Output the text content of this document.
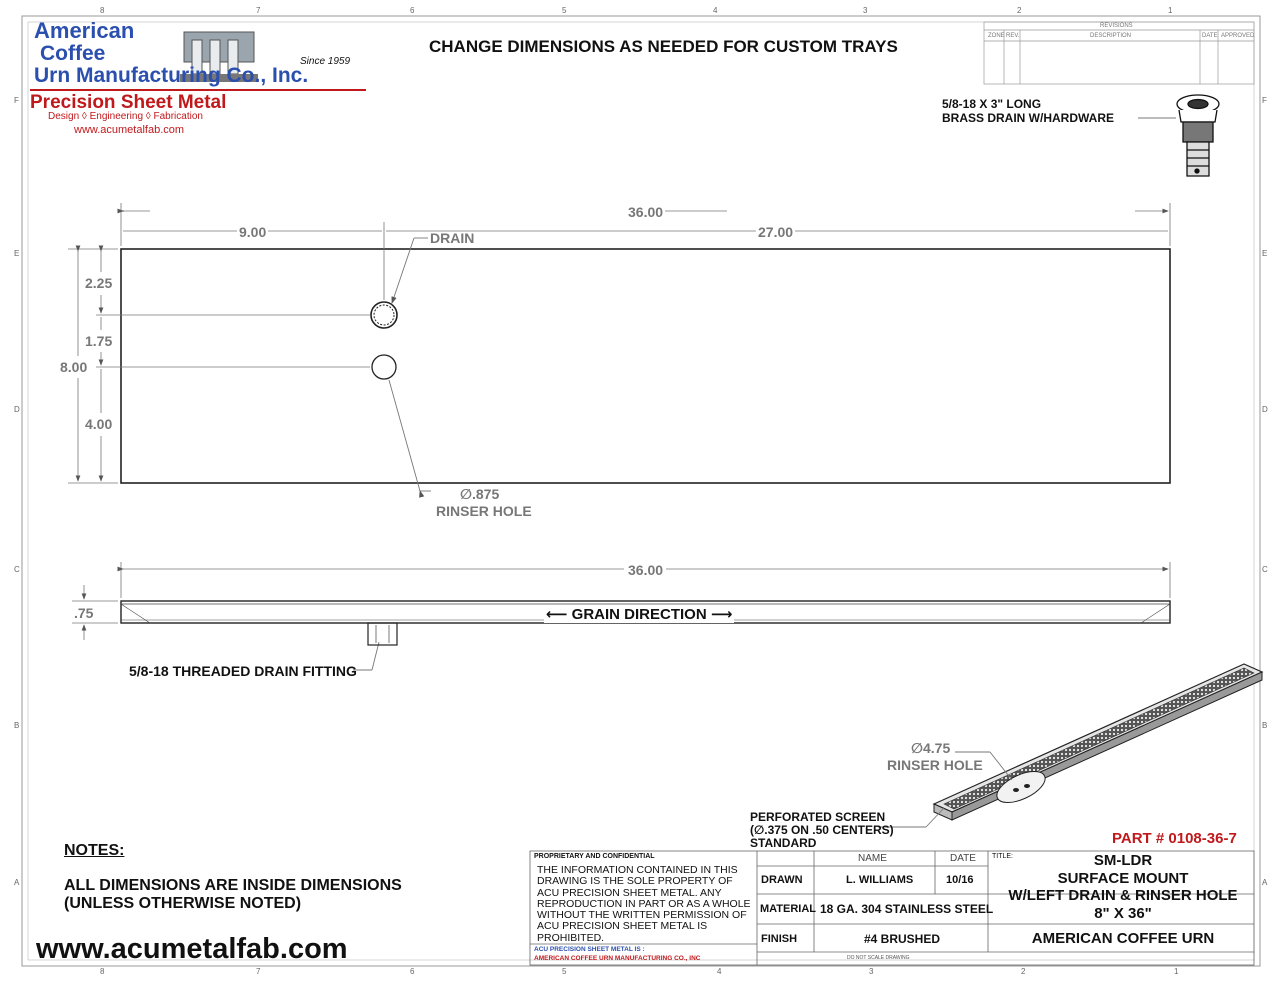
8	7	6	5	4	3	2	1
8	7	6	5	4	3	2	1
F
E
D
C
B
A
F
E
D
C
B
A
American
Coffee
Urn Manufacturing Co., Inc.
Since 1959
Precision Sheet Metal
Design ◊ Engineering ◊ Fabrication
www.acumetalfab.com
CHANGE DIMENSIONS AS NEEDED FOR CUSTOM TRAYS
REVISIONS
ZONE REV.	DESCRIPTION	DATE APPROVED
5/8-18 X 3" LONG
BRASS DRAIN W/HARDWARE
36.00
9.00	27.00
2.25
1.75
8.00
4.00
DRAIN
∅.875
RINSER HOLE
36.00
.75	⟵ GRAIN DIRECTION ⟶
5/8-18 THREADED DRAIN FITTING
∅4.75
RINSER HOLE
PERFORATED SCREEN
(∅.375 ON .50 CENTERS)
STANDARD	PART # 0108-36-7
NOTES:
ALL DIMENSIONS ARE INSIDE DIMENSIONS
(UNLESS OTHERWISE NOTED)
www.acumetalfab.com
PROPRIETARY AND CONFIDENTIAL
THE INFORMATION CONTAINED IN THIS DRAWING IS THE SOLE PROPERTY OF ACU PRECISION SHEET METAL. ANY REPRODUCTION IN PART OR AS A WHOLE WITHOUT THE WRITTEN PERMISSION OF ACU PRECISION SHEET METAL IS PROHIBITED.
ACU PRECISION SHEET METAL IS :
AMERICAN COFFEE URN MANUFACTURING CO., INC
NAME	DATE
DRAWN	L. WILLIAMS	10/16
MATERIAL 18 GA. 304 STAINLESS STEEL
FINISH	#4 BRUSHED
TITLE:	SM-LDR
SURFACE MOUNT
W/LEFT DRAIN & RINSER HOLE
8" X 36"
AMERICAN COFFEE URN
DO NOT SCALE DRAWING
